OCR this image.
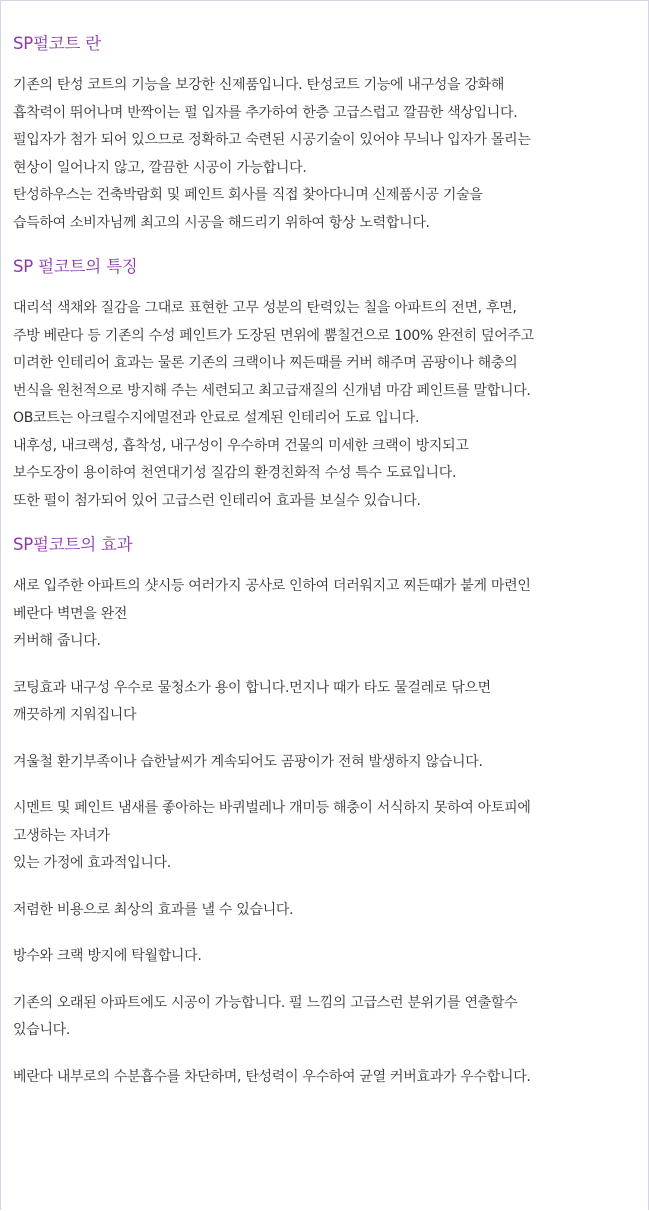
SP펄코트 란
기존의 탄성 코트의 기능을 보강한 신제품입니다. 탄성코트 기능에 내구성을 강화해
흡착력이 뛰어나며 반짝이는 펄 입자를 추가하여 한층 고급스럽고 깔끔한 색상입니다.
펄입자가 첨가 되어 있으므로 정확하고 숙련된 시공기술이 있어야 무늬나 입자가 몰리는
현상이 일어나지 않고, 깔끔한 시공이 가능합니다.
탄성하우스는 건축박람회 및 페인트 회사를 직접 찾아다니며 신제품시공 기술을
습득하여 소비자님께 최고의 시공을 해드리기 위하여 항상 노력합니다.
SP 펄코트의 특징
대리석 색채와 질감을 그대로 표현한 고무 성분의 탄력있는 칠을 아파트의 전면, 후면,
주방 베란다 등 기존의 수성 페인트가 도장된 면위에 뿜칠건으로 100% 완전히 덮어주고
미려한 인테리어 효과는 물론 기존의 크랙이나 찌든때를 커버 해주며 곰팡이나 해충의
번식을 원천적으로 방지해 주는 세련되고 최고급재질의 신개념 마감 페인트를 말합니다.
OB코트는 아크릴수지에멀전과 안료로 설계된 인테리어 도료 입니다.
내후성, 내크랙성, 흡착성, 내구성이 우수하며 건물의 미세한 크랙이 방지되고
보수도장이 용이하여 천연대기성 질감의 환경친화적 수성 특수 도료입니다.
또한 펄이 첨가되어 있어 고급스런 인테리어 효과를 보실수 있습니다.
SP펄코트의 효과
새로 입주한 아파트의 샷시등 여러가지 공사로 인하여 더러워지고 찌든때가 붙게 마련인
베란다 벽면을 완전
커버해 줍니다.
코팅효과 내구성 우수로 물청소가 용이 합니다.먼지나 때가 타도 물걸레로 닦으면
깨끗하게 지워집니다
겨울철 환기부족이나 습한날씨가 계속되어도 곰팡이가 전혀 발생하지 않습니다.
시멘트 및 페인트 냄새를 좋아하는 바퀴벌레나 개미등 해충이 서식하지 못하여 아토피에
고생하는 자녀가
있는 가정에 효과적입니다.
저렴한 비용으로 최상의 효과를 낼 수 있습니다.
방수와 크랙 방지에 탁월합니다.
기존의 오래된 아파트에도 시공이 가능합니다. 펄 느낌의 고급스런 분위기를 연출할수
있습니다.
베란다 내부로의 수분흡수를 차단하며, 탄성력이 우수하여 균열 커버효과가 우수합니다.
